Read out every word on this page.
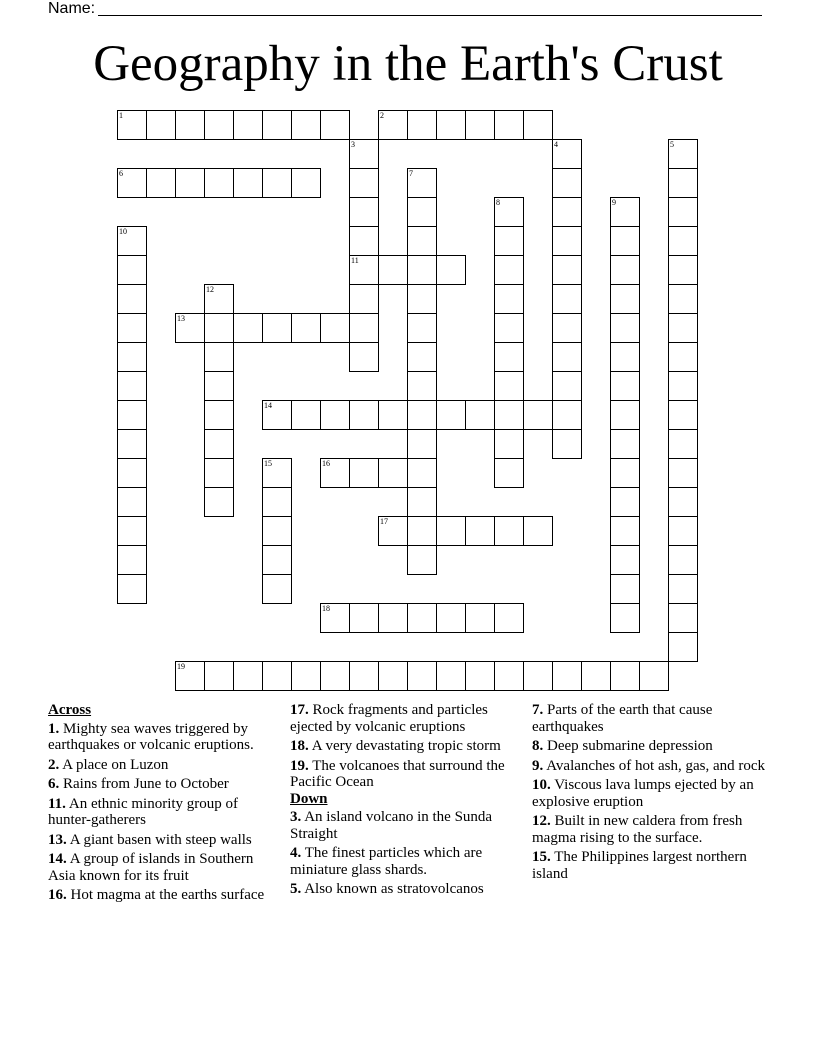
Name:
Geography in the Earth's Crust
1	2
3
11
4	5
6	7
8	9
10
12
13
14
15	16
17
18
19
Across
1. Mighty sea waves triggered by earthquakes or volcanic eruptions.
2. A place on Luzon
6. Rains from June to October
11. An ethnic minority group of hunter-gatherers
13. A giant basen with steep walls
14. A group of islands in Southern Asia known for its fruit
16. Hot magma at the earths surface
17. Rock fragments and particles ejected by volcanic eruptions
18. A very devastating tropic storm
19. The volcanoes that surround the Pacific Ocean
Down
3. An island volcano in the Sunda Straight
4. The finest particles which are miniature glass shards.
5. Also known as stratovolcanos
7. Parts of the earth that cause earthquakes
8. Deep submarine depression
9. Avalanches of hot ash, gas, and rock
10. Viscous lava lumps ejected by an explosive eruption
12. Built in new caldera from fresh magma rising to the surface.
15. The Philippines largest northern island
